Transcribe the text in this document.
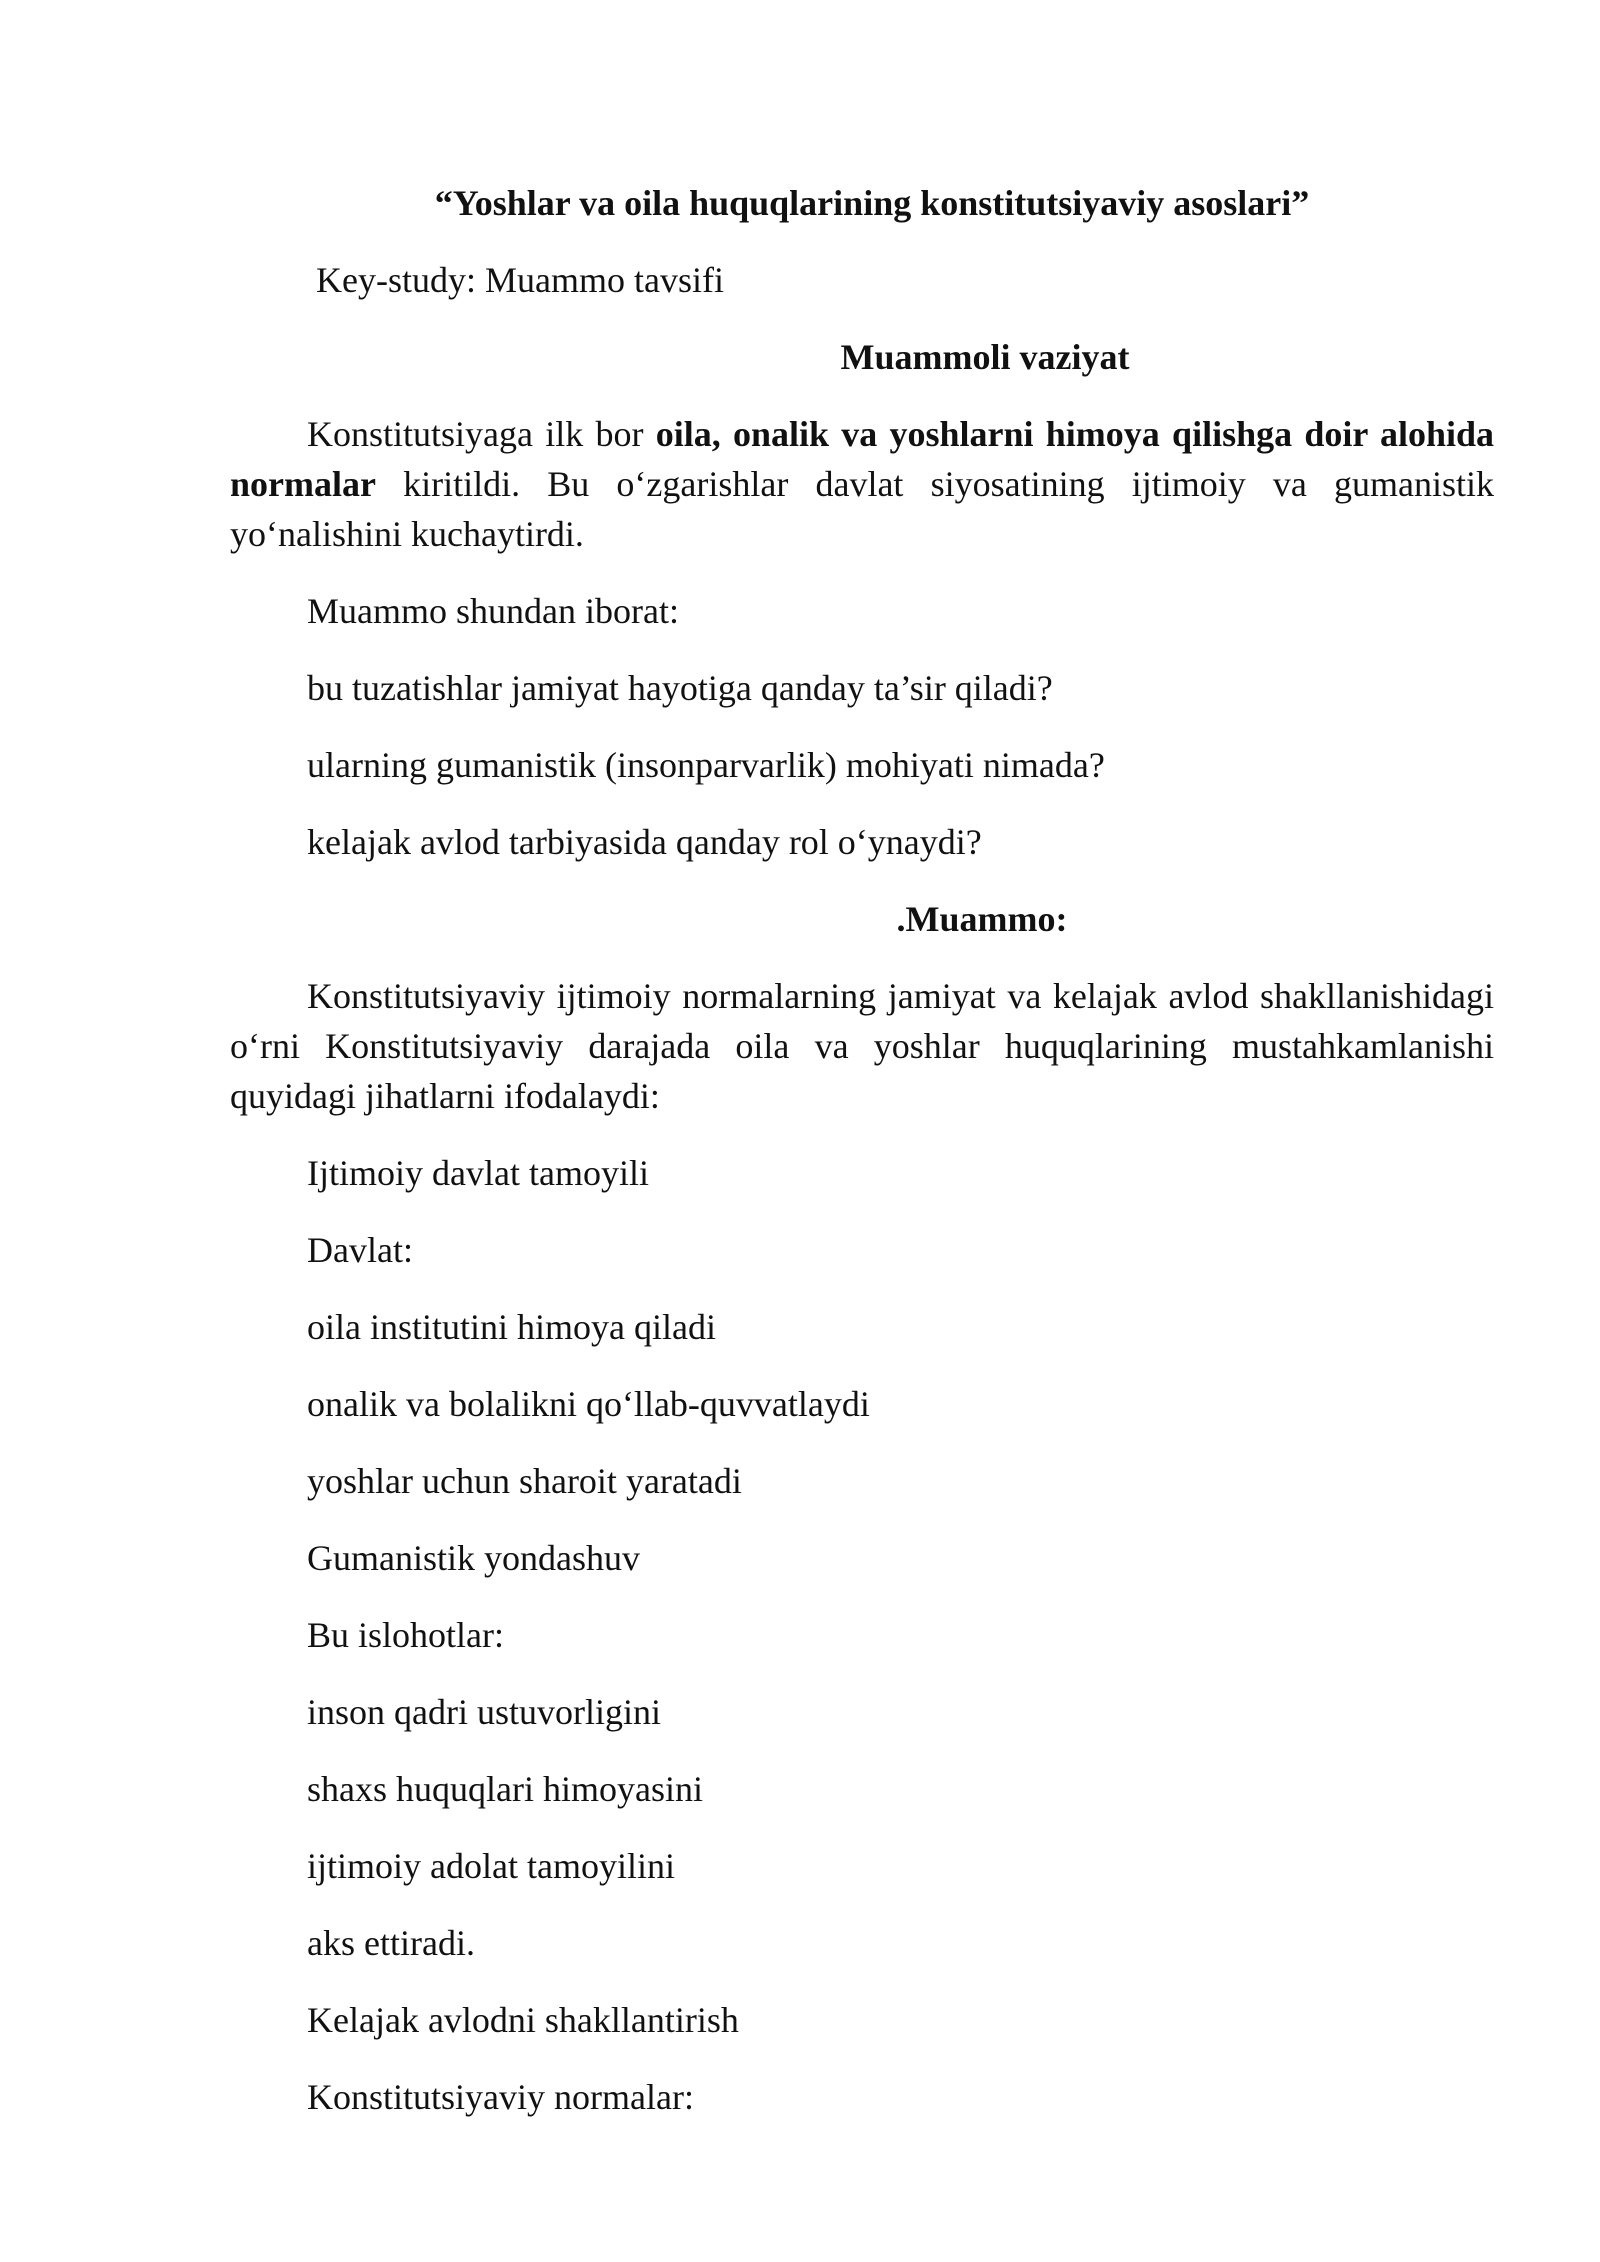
“Yoshlar va oila huquqlarining konstitutsiyaviy asoslari”

Key-study: Muammo tavsifi

Muammoli vaziyat

Konstitutsiyaga ilk bor oila, onalik va yoshlarni himoya qilishga doir alohida normalar kiritildi. Bu o‘zgarishlar davlat siyosatining ijtimoiy va gumanistik yo‘nalishini kuchaytirdi.

Muammo shundan iborat:

bu tuzatishlar jamiyat hayotiga qanday ta’sir qiladi?

ularning gumanistik (insonparvarlik) mohiyati nimada?

kelajak avlod tarbiyasida qanday rol o‘ynaydi?

.Muammo:

Konstitutsiyaviy ijtimoiy normalarning jamiyat va kelajak avlod shakllanishidagi o‘rni Konstitutsiyaviy darajada oila va yoshlar huquqlarining mustahkamlanishi quyidagi jihatlarni ifodalaydi:

Ijtimoiy davlat tamoyili

Davlat:

oila institutini himoya qiladi

onalik va bolalikni qo‘llab-quvvatlaydi

yoshlar uchun sharoit yaratadi

Gumanistik yondashuv

Bu islohotlar:

inson qadri ustuvorligini

shaxs huquqlari himoyasini

ijtimoiy adolat tamoyilini

aks ettiradi.

Kelajak avlodni shakllantirish

Konstitutsiyaviy normalar:
